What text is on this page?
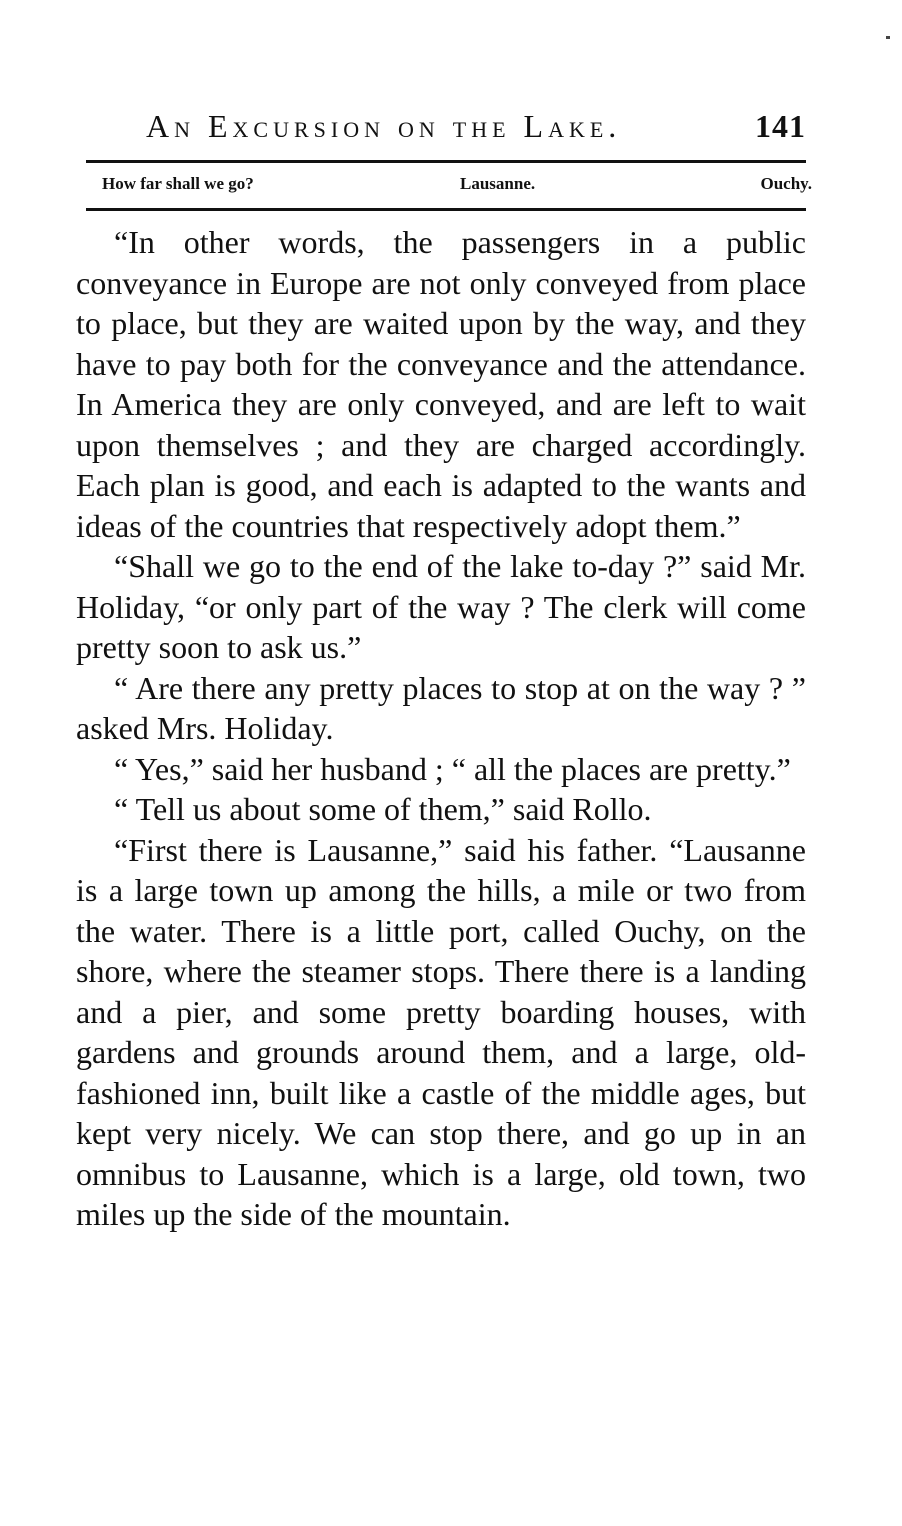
An Excursion on the Lake.	141
How far shall we go?	Lausanne.	Ouchy.

“In other words, the passengers in a public conveyance in Europe are not only conveyed from place to place, but they are waited upon by the way, and they have to pay both for the conveyance and the attendance. In America they are only conveyed, and are left to wait upon themselves ; and they are charged accordingly. Each plan is good, and each is adapted to the wants and ideas of the countries that respectively adopt them.”

“Shall we go to the end of the lake to-day ?” said Mr. Holiday, “or only part of the way ? The clerk will come pretty soon to ask us.”

“ Are there any pretty places to stop at on the way ? ” asked Mrs. Holiday.

“ Yes,” said her husband ; “ all the places are pretty.”

“ Tell us about some of them,” said Rollo.

“First there is Lausanne,” said his father. “Lausanne is a large town up among the hills, a mile or two from the water. There is a little port, called Ouchy, on the shore, where the steamer stops. There there is a landing and a pier, and some pretty boarding houses, with gardens and grounds around them, and a large, old-fashioned inn, built like a castle of the middle ages, but kept very nicely. We can stop there, and go up in an omnibus to Lausanne, which is a large, old town, two miles up the side of the mountain.
